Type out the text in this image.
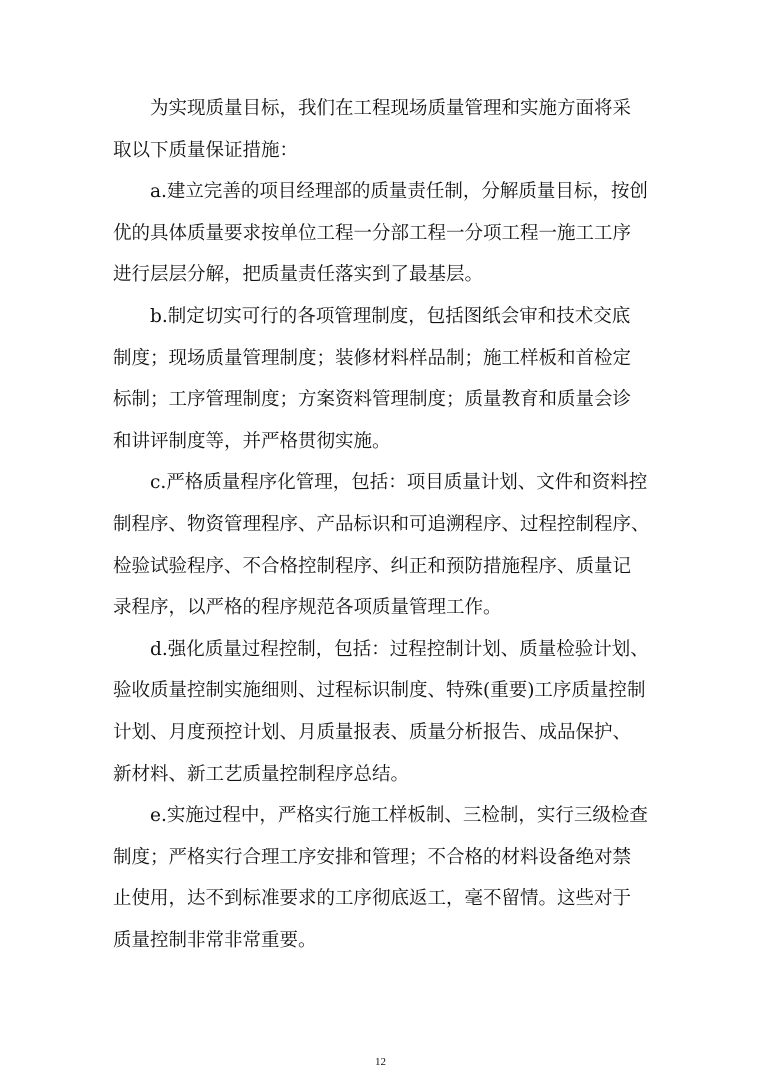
为实现质量目标，我们在工程现场质量管理和实施方面将采
取以下质量保证措施：
a.建立完善的项目经理部的质量责任制，分解质量目标，按创
优的具体质量要求按单位工程一分部工程一分项工程一施工工序
进行层层分解，把质量责任落实到了最基层。
b.制定切实可行的各项管理制度，包括图纸会审和技术交底
制度；现场质量管理制度；装修材料样品制；施工样板和首检定
标制；工序管理制度；方案资料管理制度；质量教育和质量会诊
和讲评制度等，并严格贯彻实施。
c.严格质量程序化管理，包括：项目质量计划、文件和资料控
制程序、物资管理程序、产品标识和可追溯程序、过程控制程序、
检验试验程序、不合格控制程序、纠正和预防措施程序、质量记
录程序，以严格的程序规范各项质量管理工作。
d.强化质量过程控制，包括：过程控制计划、质量检验计划、
验收质量控制实施细则、过程标识制度、特殊(重要)工序质量控制
计划、月度预控计划、月质量报表、质量分析报告、成品保护、
新材料、新工艺质量控制程序总结。
e.实施过程中，严格实行施工样板制、三检制，实行三级检查
制度；严格实行合理工序安排和管理；不合格的材料设备绝对禁
止使用，达不到标准要求的工序彻底返工，毫不留情。这些对于
质量控制非常非常重要。
12
